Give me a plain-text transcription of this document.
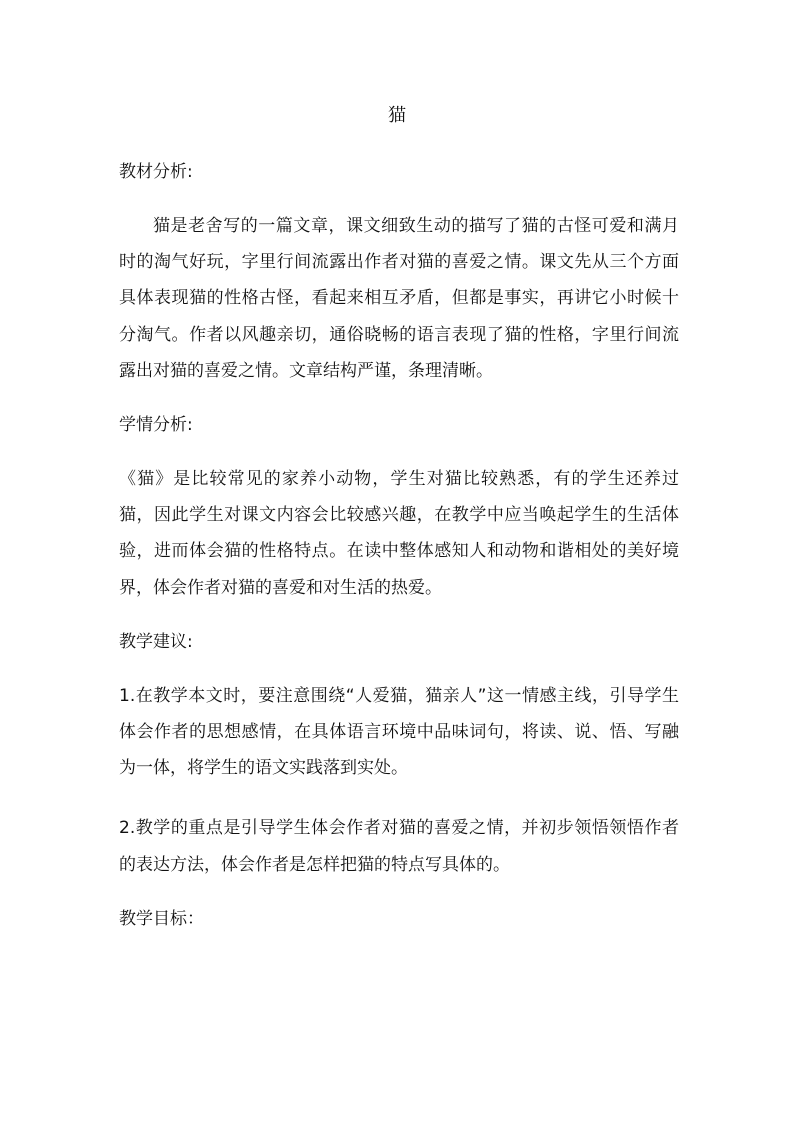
猫

教材分析:

猫是老舍写的一篇文章，课文细致生动的描写了猫的古怪可爱和满月时的淘气好玩，字里行间流露出作者对猫的喜爱之情。课文先从三个方面具体表现猫的性格古怪，看起来相互矛盾，但都是事实，再讲它小时候十分淘气。作者以风趣亲切，通俗晓畅的语言表现了猫的性格，字里行间流露出对猫的喜爱之情。文章结构严谨，条理清晰。

学情分析:

《猫》是比较常见的家养小动物，学生对猫比较熟悉，有的学生还养过猫，因此学生对课文内容会比较感兴趣，在教学中应当唤起学生的生活体验，进而体会猫的性格特点。在读中整体感知人和动物和谐相处的美好境界，体会作者对猫的喜爱和对生活的热爱。

教学建议:

1.在教学本文时，要注意围绕“人爱猫，猫亲人”这一情感主线，引导学生体会作者的思想感情，在具体语言环境中品味词句，将读、说、悟、写融为一体，将学生的语文实践落到实处。

2.教学的重点是引导学生体会作者对猫的喜爱之情，并初步领悟领悟作者的表达方法，体会作者是怎样把猫的特点写具体的。

教学目标：
